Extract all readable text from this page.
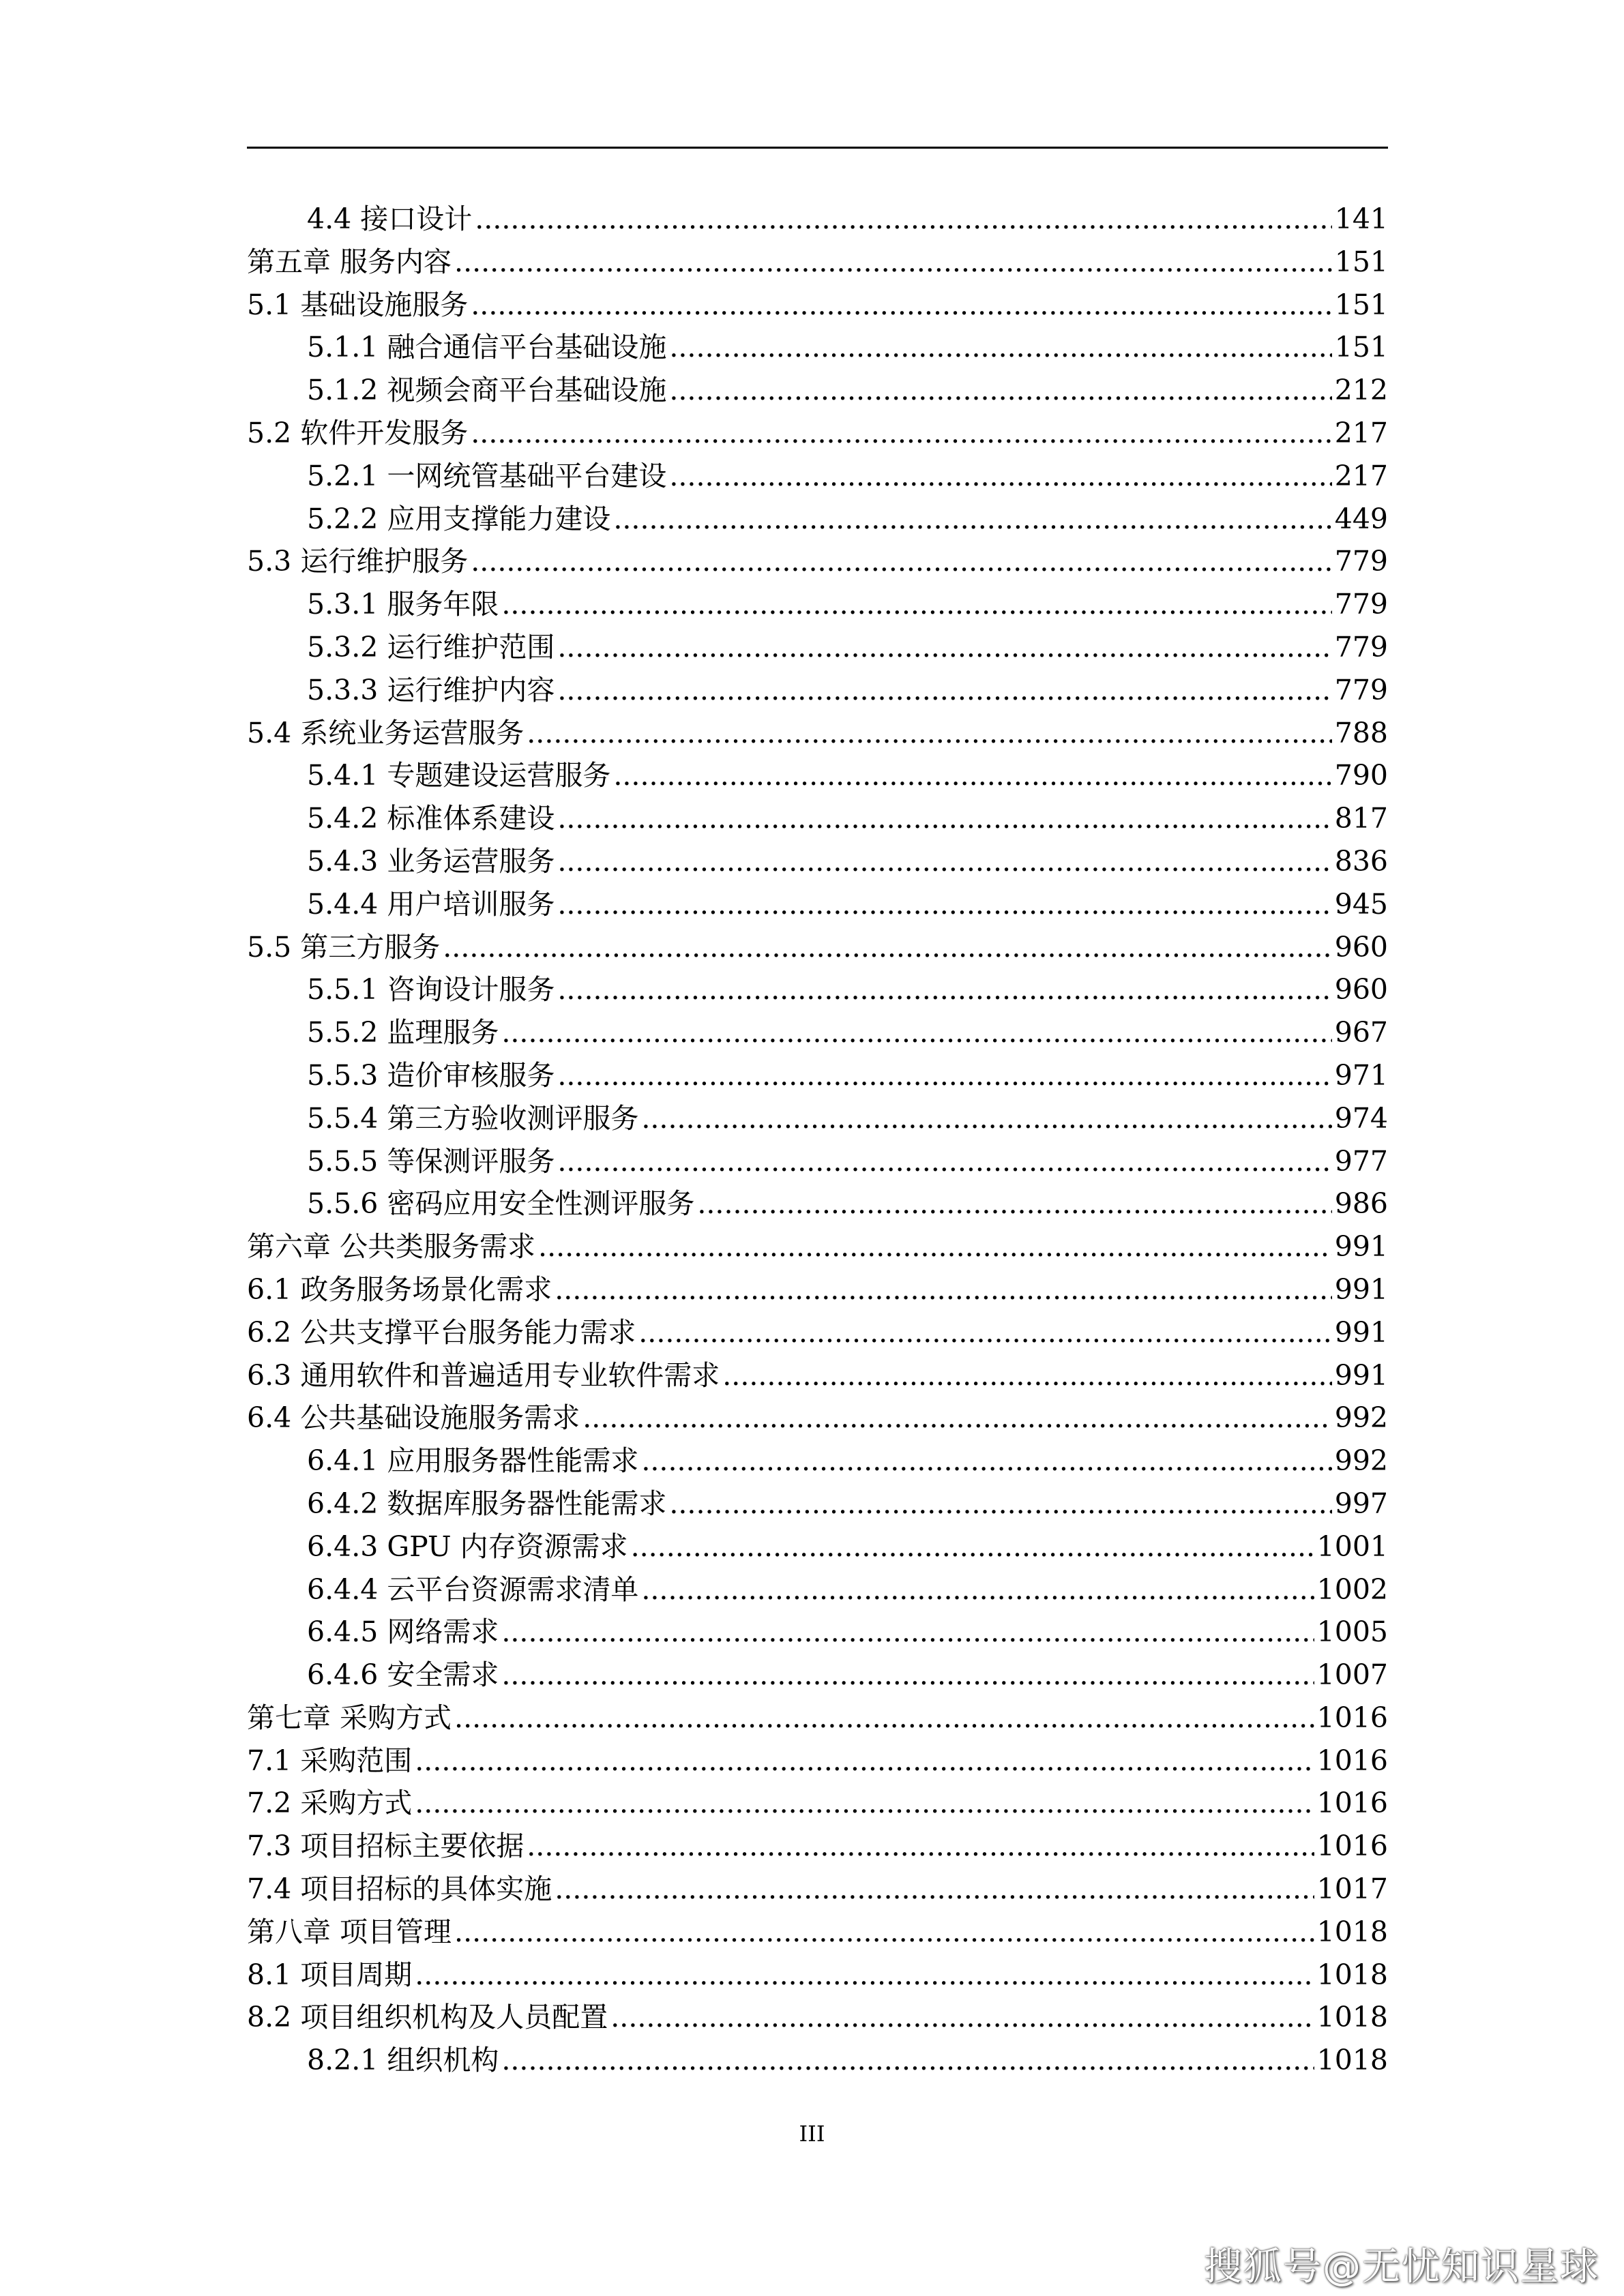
4.4 接口设计 .....	141
第五章 服务内容 .....	151
5.1 基础设施服务 .....	151
5.1.1 融合通信平台基础设施 .....	151
5.1.2 视频会商平台基础设施 .....	212
5.2 软件开发服务 .....	217
5.2.1 一网统管基础平台建设 .....	217
5.2.2 应用支撑能力建设 .....	449
5.3 运行维护服务 .....	779
5.3.1 服务年限 .....	779
5.3.2 运行维护范围 .....	779
5.3.3 运行维护内容 .....	779
5.4 系统业务运营服务 .....	788
5.4.1 专题建设运营服务 .....	790
5.4.2 标准体系建设 .....	817
5.4.3 业务运营服务 .....	836
5.4.4 用户培训服务 .....	945
5.5 第三方服务 .....	960
5.5.1 咨询设计服务 .....	960
5.5.2 监理服务 .....	967
5.5.3 造价审核服务 .....	971
5.5.4 第三方验收测评服务 .....	974
5.5.5 等保测评服务 .....	977
5.5.6 密码应用安全性测评服务 .....	986
第六章 公共类服务需求 .....	991
6.1 政务服务场景化需求 .....	991
6.2 公共支撑平台服务能力需求 .....	991
6.3 通用软件和普遍适用专业软件需求 .....	991
6.4 公共基础设施服务需求 .....	992
6.4.1 应用服务器性能需求 .....	992
6.4.2 数据库服务器性能需求 .....	997
6.4.3 GPU 内存资源需求 .....	1001
6.4.4 云平台资源需求清单 .....	1002
6.4.5 网络需求 .....	1005
6.4.6 安全需求 .....	1007
第七章 采购方式 .....	1016
7.1 采购范围 .....	1016
7.2 采购方式 .....	1016
7.3 项目招标主要依据 .....	1016
7.4 项目招标的具体实施 .....	1017
第八章 项目管理 .....	1018
8.1 项目周期 .....	1018
8.2 项目组织机构及人员配置 .....	1018
8.2.1 组织机构 .....	1018
III
搜狐号@无忧知识星球
